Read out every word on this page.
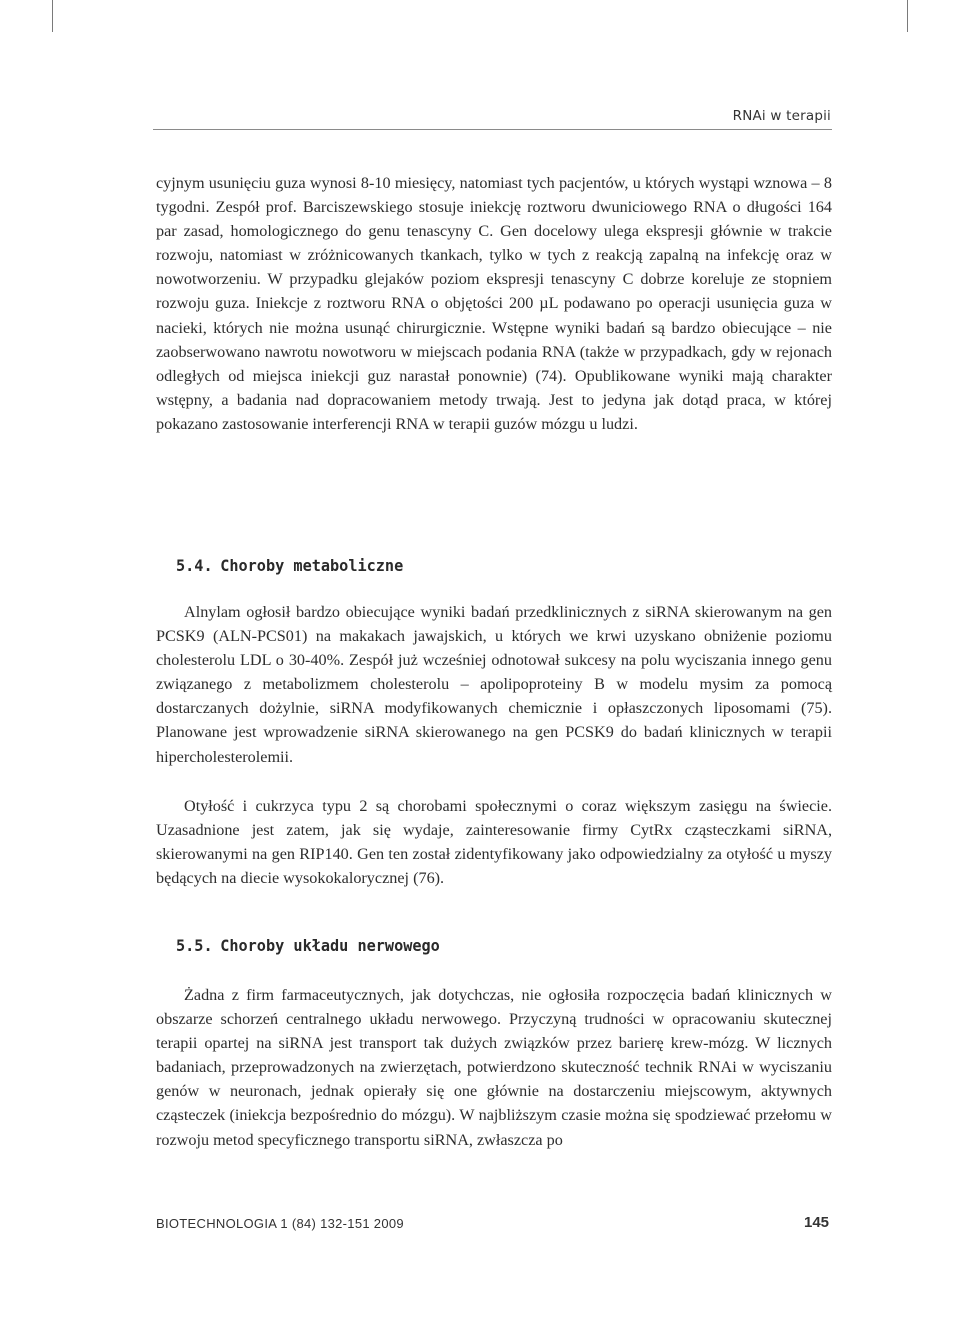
RNAi w terapii

cyjnym usunięciu guza wynosi 8-10 miesięcy, natomiast tych pacjentów, u których wystąpi wznowa – 8 tygodni. Zespół prof. Barciszewskiego stosuje iniekcję roztworu dwuniciowego RNA o długości 164 par zasad, homologicznego do genu tenascyny C. Gen docelowy ulega ekspresji głównie w trakcie rozwoju, natomiast w zróżnicowanych tkankach, tylko w tych z reakcją zapalną na infekcję oraz w nowotworzeniu. W przypadku glejaków poziom ekspresji tenascyny C dobrze koreluje ze stopniem rozwoju guza. Iniekcje z roztworu RNA o objętości 200 µL podawano po operacji usunięcia guza w nacieki, których nie można usunąć chirurgicznie. Wstępne wyniki badań są bardzo obiecujące – nie zaobserwowano nawrotu nowotworu w miejscach podania RNA (także w przypadkach, gdy w rejonach odległych od miejsca iniekcji guz narastał ponownie) (74). Opublikowane wyniki mają charakter wstępny, a badania nad dopracowaniem metody trwają. Jest to jedyna jak dotąd praca, w której pokazano zastosowanie interferencji RNA w terapii guzów mózgu u ludzi.

5.4. Choroby metaboliczne

Alnylam ogłosił bardzo obiecujące wyniki badań przedklinicznych z siRNA skierowanym na gen PCSK9 (ALN-PCS01) na makakach jawajskich, u których we krwi uzyskano obniżenie poziomu cholesterolu LDL o 30-40%. Zespół już wcześniej odnotował sukcesy na polu wyciszania innego genu związanego z metabolizmem cholesterolu – apolipoproteiny B w modelu mysim za pomocą dostarczanych dożylnie, siRNA modyfikowanych chemicznie i opłaszczonych liposomami (75). Planowane jest wprowadzenie siRNA skierowanego na gen PCSK9 do badań klinicznych w terapii hipercholesterolemii.

Otyłość i cukrzyca typu 2 są chorobami społecznymi o coraz większym zasięgu na świecie. Uzasadnione jest zatem, jak się wydaje, zainteresowanie firmy CytRx cząsteczkami siRNA, skierowanymi na gen RIP140. Gen ten został zidentyfikowany jako odpowiedzialny za otyłość u myszy będących na diecie wysokokalorycznej (76).

5.5. Choroby układu nerwowego

Żadna z firm farmaceutycznych, jak dotychczas, nie ogłosiła rozpoczęcia badań klinicznych w obszarze schorzeń centralnego układu nerwowego. Przyczyną trudności w opracowaniu skutecznej terapii opartej na siRNA jest transport tak dużych związków przez barierę krew-mózg. W licznych badaniach, przeprowadzonych na zwierzętach, potwierdzono skuteczność technik RNAi w wyciszaniu genów w neuronach, jednak opierały się one głównie na dostarczeniu miejscowym, aktywnych cząsteczek (iniekcja bezpośrednio do mózgu). W najbliższym czasie można się spodziewać przełomu w rozwoju metod specyficznego transportu siRNA, zwłaszcza po

BIOTECHNOLOGIA 1 (84) 132-151 2009	145
